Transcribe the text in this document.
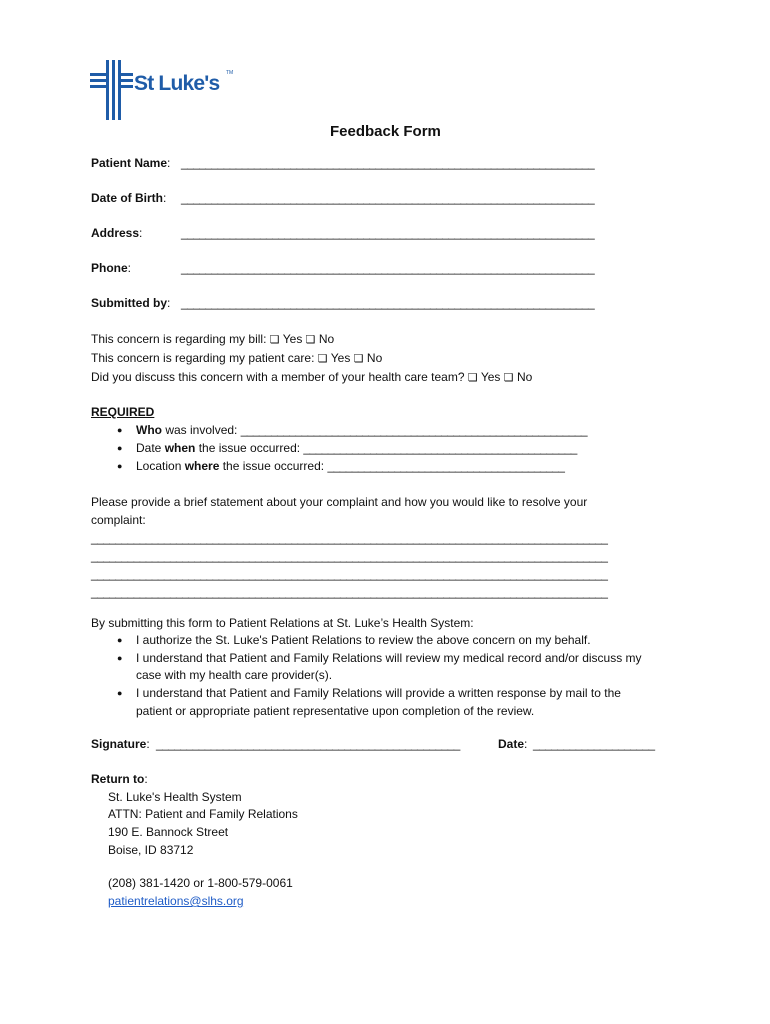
St Luke's TM
Feedback Form
Patient Name: ____________________________________________________________________
Date of Birth: ____________________________________________________________________
Address:	____________________________________________________________________
Phone:	____________________________________________________________________
Submitted by: ____________________________________________________________________
This concern is regarding my bill: ❏ Yes ❏ No
This concern is regarding my patient care: ❏ Yes ❏ No
Did you discuss this concern with a member of your health care team? ❏ Yes ❏ No
REQUIRED
● Who was involved: _________________________________________________________
● Date when the issue occurred: _____________________________________________
● Location where the issue occurred: _______________________________________
Please provide a brief statement about your complaint and how you would like to resolve your
complaint:
_____________________________________________________________________________________
_____________________________________________________________________________________
_____________________________________________________________________________________
_____________________________________________________________________________________
By submitting this form to Patient Relations at St. Luke’s Health System:
● I authorize the St. Luke's Patient Relations to review the above concern on my behalf.
● I understand that Patient and Family Relations will review my medical record and/or discuss my
case with my health care provider(s).
● I understand that Patient and Family Relations will provide a written response by mail to the
patient or appropriate patient representative upon completion of the review.
Signature: __________________________________________________	Date: ____________________
Return to:
St. Luke's Health System
ATTN: Patient and Family Relations
190 E. Bannock Street
Boise, ID 83712
(208) 381-1420 or 1-800-579-0061
patientrelations@slhs.org
